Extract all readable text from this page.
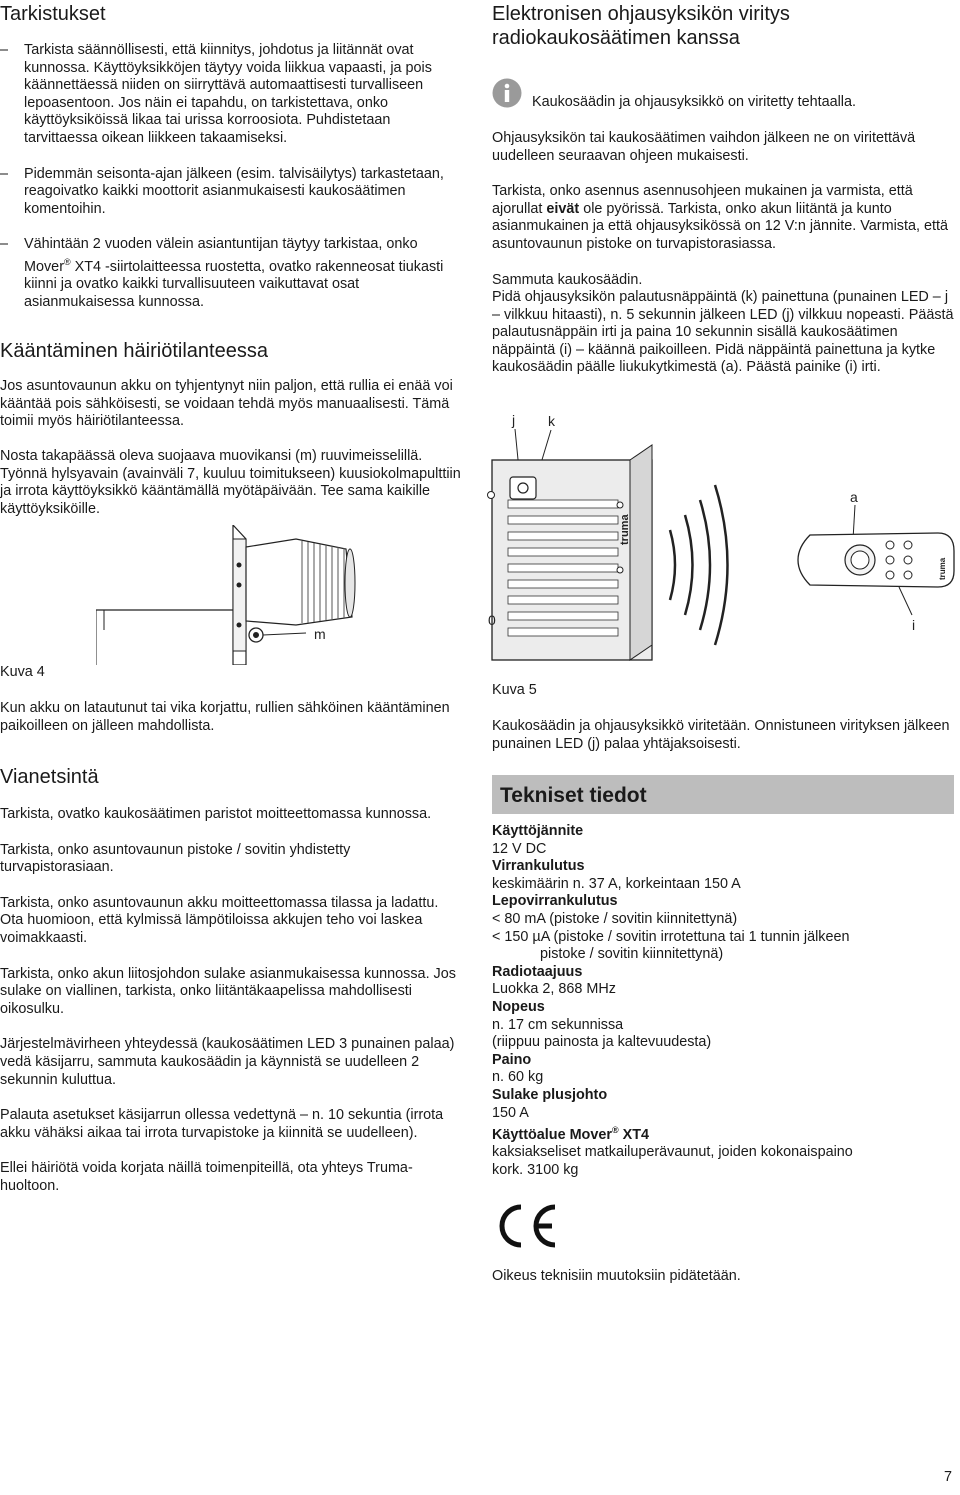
Tarkistukset
– Tarkista säännöllisesti, että kiinnitys, johdotus ja liitännät ovat kunnossa. Käyttöyksikköjen täytyy voida liikkua vapaasti, ja pois käännettäessä niiden on siirryttävä automaattisesti turvalliseen lepoasentoon. Jos näin ei tapahdu, on tarkistettava, onko käyttöyksiköissä likaa tai urissa korroosiota. Puhdistetaan tarvittaessa oikean liikkeen takaamiseksi.

– Pidemmän seisonta-ajan jälkeen (esim. talvisäilytys) tarkastetaan, reagoivatko kaikki moottorit asianmukaisesti kaukosäätimen komentoihin.

– Vähintään 2 vuoden välein asiantuntijan täytyy tarkistaa, onko Mover® XT4 -siirtolaitteessa ruostetta, ovatko rakenneosat tiukasti kiinni ja ovatko kaikki turvallisuuteen vaikuttavat osat asianmukaisessa kunnossa.

Kääntäminen häiriötilanteessa

Jos asuntovaunun akku on tyhjentynyt niin paljon, että rullia ei enää voi kääntää pois sähköisesti, se voidaan tehdä myös manuaalisesti. Tämä toimii myös häiriötilanteessa.

Nosta takapäässä oleva suojaava muovikansi (m) ruuvimeisselillä. Työnnä hylsyavain (avainväli 7, kuuluu toimitukseen) kuusiokolmapulttiin ja irrota käyttöyksikkö kääntämällä myötäpäivään. Tee sama kaikille käyttöyksiköille.

m
Kuva 4

Kun akku on latautunut tai vika korjattu, rullien sähköinen kääntäminen paikoilleen on jälleen mahdollista.

Vianetsintä

Tarkista, ovatko kaukosäätimen paristot moitteettomassa kunnossa.

Tarkista, onko asuntovaunun pistoke / sovitin yhdistetty turvapistorasiaan.

Tarkista, onko asuntovaunun akku moitteettomassa tilassa ja ladattu. Ota huomioon, että kylmissä lämpötiloissa akkujen teho voi laskea voimakkaasti.

Tarkista, onko akun liitosjohdon sulake asianmukaisessa kunnossa. Jos sulake on viallinen, tarkista, onko liitäntäkaapelissa mahdollisesti oikosulku.

Järjestelmävirheen yhteydessä (kaukosäätimen LED 3 punainen palaa) vedä käsijarru, sammuta kaukosäädin ja käynnistä se uudelleen 2 sekunnin kuluttua.

Palauta asetukset käsijarrun ollessa vedettynä – n. 10 sekuntia (irrota akku vähäksi aikaa tai irrota turvapistoke ja kiinnitä se uudelleen).

Ellei häiriötä voida korjata näillä toimenpiteillä, ota yhteys Truma-huoltoon.

Elektronisen ohjausyksikön viritys radiokaukosäätimen kanssa

Kaukosäädin ja ohjausyksikkö on viritetty tehtaalla.

Ohjausyksikön tai kaukosäätimen vaihdon jälkeen ne on viritettävä uudelleen seuraavan ohjeen mukaisesti.

Tarkista, onko asennus asennusohjeen mukainen ja varmista, että ajorullat eivät ole pyörissä. Tarkista, onko akun liitäntä ja kunto asianmukainen ja että ohjausyksikössä on 12 V:n jännite. Varmista, että asuntovaunun pistoke on turvapistorasiassa.

Sammuta kaukosäädin.

Pidä ohjausyksikön palautusnäppäintä (k) painettuna (punainen LED – j – vilkkuu hitaasti), n. 5 sekunnin jälkeen LED (j) vilkkuu nopeasti. Päästä palautusnäppäin irti ja paina 10 sekunnin sisällä kaukosäätimen näppäintä (i) – käännä paikoilleen. Pidä näppäintä painettuna ja kytke kaukosäädin päälle liukukytkimestä (a). Päästä painike (i) irti.

j k
0
truma
a
truma
i
Kuva 5

Kaukosäädin ja ohjausyksikkö viritetään. Onnistuneen virityksen jälkeen punainen LED (j) palaa yhtäjaksoisesti.

Tekniset tiedot
Käyttöjännite
12 V DC
Virrankulutus
keskimäärin n. 37 A, korkeintaan 150 A
Lepovirrankulutus
< 80 mA (pistoke / sovitin kiinnitettynä)
< 150 µA (pistoke / sovitin irrotettuna tai 1 tunnin jälkeen
pistoke / sovitin kiinnitettynä)
Radiotaajuus
Luokka 2, 868 MHz
Nopeus
n. 17 cm sekunnissa
(riippuu painosta ja kaltevuudesta)
Paino
n. 60 kg
Sulake plusjohto
150 A
Käyttöalue Mover® XT4
kaksiakseliset matkailuperävaunut, joiden kokonaispaino
kork. 3100 kg

Oikeus teknisiin muutoksiin pidätetään.

7
